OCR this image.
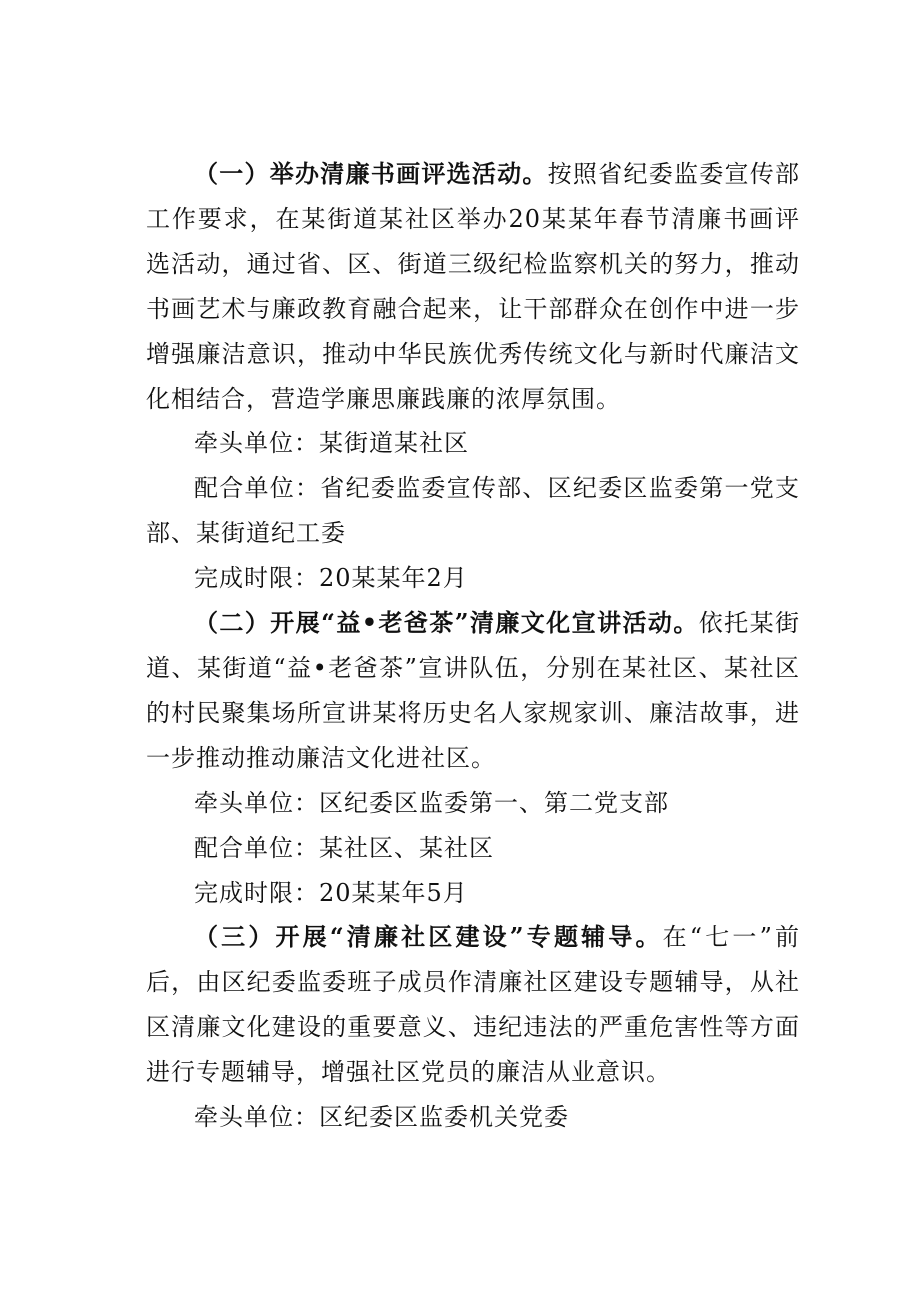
（一）举办清廉书画评选活动。按照省纪委监委宣传部工作要求，在某街道某社区举办20某某年春节清廉书画评选活动，通过省、区、街道三级纪检监察机关的努力，推动书画艺术与廉政教育融合起来，让干部群众在创作中进一步增强廉洁意识，推动中华民族优秀传统文化与新时代廉洁文化相结合，营造学廉思廉践廉的浓厚氛围。

牵头单位：某街道某社区

配合单位：省纪委监委宣传部、区纪委区监委第一党支部、某街道纪工委

完成时限：20某某年2月

（二）开展“益•老爸茶”清廉文化宣讲活动。依托某街道、某街道“益•老爸茶”宣讲队伍，分别在某社区、某社区的村民聚集场所宣讲某将历史名人家规家训、廉洁故事，进一步推动推动廉洁文化进社区。

牵头单位：区纪委区监委第一、第二党支部

配合单位：某社区、某社区

完成时限：20某某年5月

（三）开展“清廉社区建设”专题辅导。在“七一”前后，由区纪委监委班子成员作清廉社区建设专题辅导，从社区清廉文化建设的重要意义、违纪违法的严重危害性等方面进行专题辅导，增强社区党员的廉洁从业意识。

牵头单位：区纪委区监委机关党委
